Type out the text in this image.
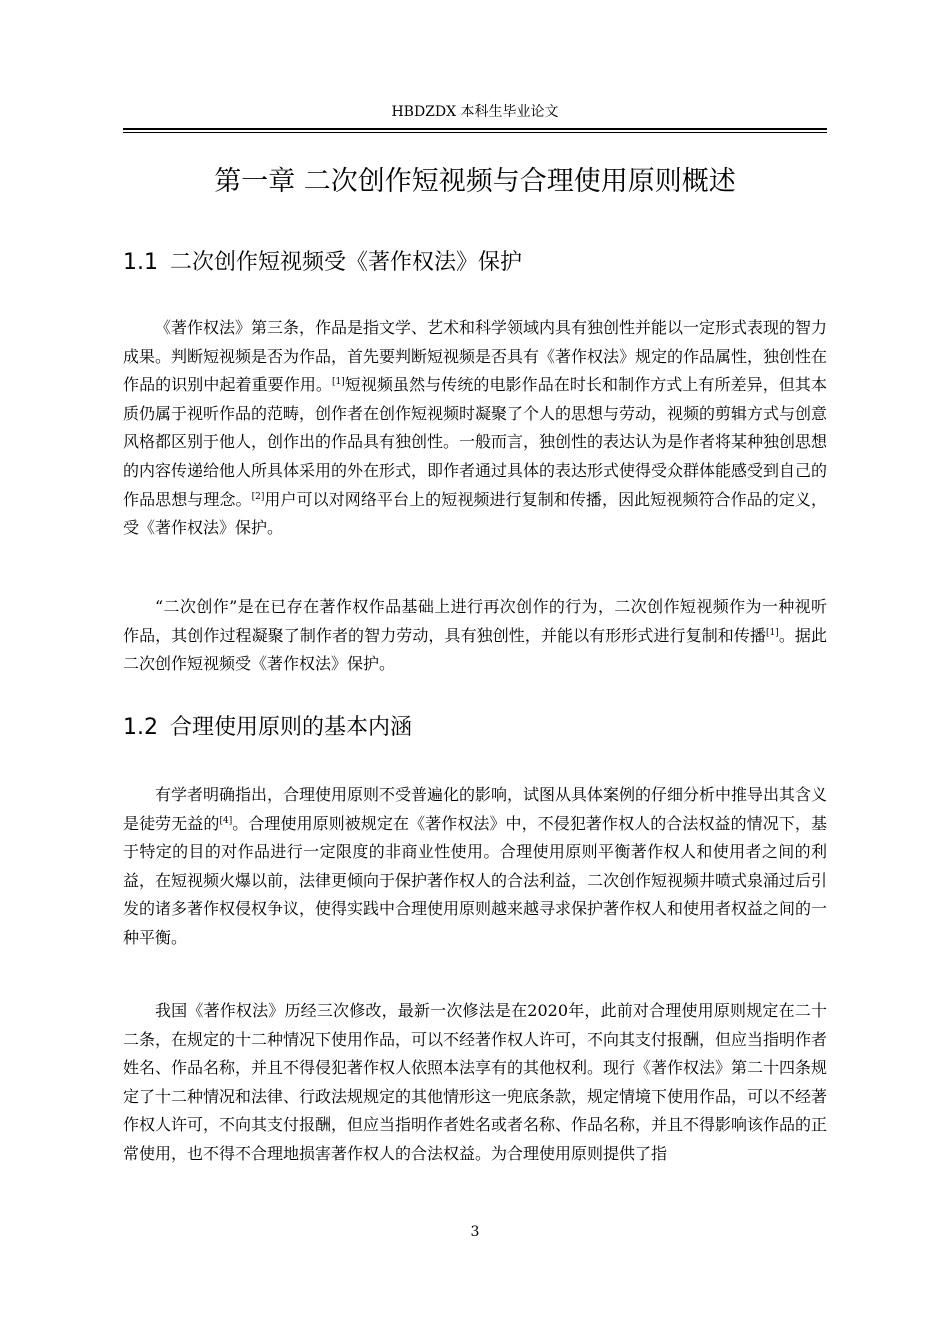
HBDZDX 本科生毕业论文
第一章 二次创作短视频与合理使用原则概述
1.1 二次创作短视频受《著作权法》保护

《著作权法》第三条，作品是指文学、艺术和科学领域内具有独创性并能以一定形式表现的智力成果。判断短视频是否为作品，首先要判断短视频是否具有《著作权法》规定的作品属性，独创性在作品的识别中起着重要作用。[1]短视频虽然与传统的电影作品在时长和制作方式上有所差异，但其本质仍属于视听作品的范畴，创作者在创作短视频时凝聚了个人的思想与劳动，视频的剪辑方式与创意风格都区别于他人，创作出的作品具有独创性。一般而言，独创性的表达认为是作者将某种独创思想的内容传递给他人所具体采用的外在形式，即作者通过具体的表达形式使得受众群体能感受到自己的作品思想与理念。[2]用户可以对网络平台上的短视频进行复制和传播，因此短视频符合作品的定义，受《著作权法》保护。

“二次创作”是在已存在著作权作品基础上进行再次创作的行为，二次创作短视频作为一种视听作品，其创作过程凝聚了制作者的智力劳动，具有独创性，并能以有形形式进行复制和传播[1]。据此二次创作短视频受《著作权法》保护。

1.2 合理使用原则的基本内涵

有学者明确指出，合理使用原则不受普遍化的影响，试图从具体案例的仔细分析中推导出其含义是徒劳无益的[4]。合理使用原则被规定在《著作权法》中，不侵犯著作权人的合法权益的情况下，基于特定的目的对作品进行一定限度的非商业性使用。合理使用原则平衡著作权人和使用者之间的利益，在短视频火爆以前，法律更倾向于保护著作权人的合法利益，二次创作短视频井喷式泉涌过后引发的诸多著作权侵权争议，使得实践中合理使用原则越来越寻求保护著作权人和使用者权益之间的一种平衡。

我国《著作权法》历经三次修改，最新一次修法是在2020年，此前对合理使用原则规定在二十二条，在规定的十二种情况下使用作品，可以不经著作权人许可，不向其支付报酬，但应当指明作者姓名、作品名称，并且不得侵犯著作权人依照本法享有的其他权利。现行《著作权法》第二十四条规定了十二种情况和法律、行政法规规定的其他情形这一兜底条款，规定情境下使用作品，可以不经著作权人许可，不向其支付报酬，但应当指明作者姓名或者名称、作品名称，并且不得影响该作品的正常使用，也不得不合理地损害著作权人的合法权益。为合理使用原则提供了指

3
